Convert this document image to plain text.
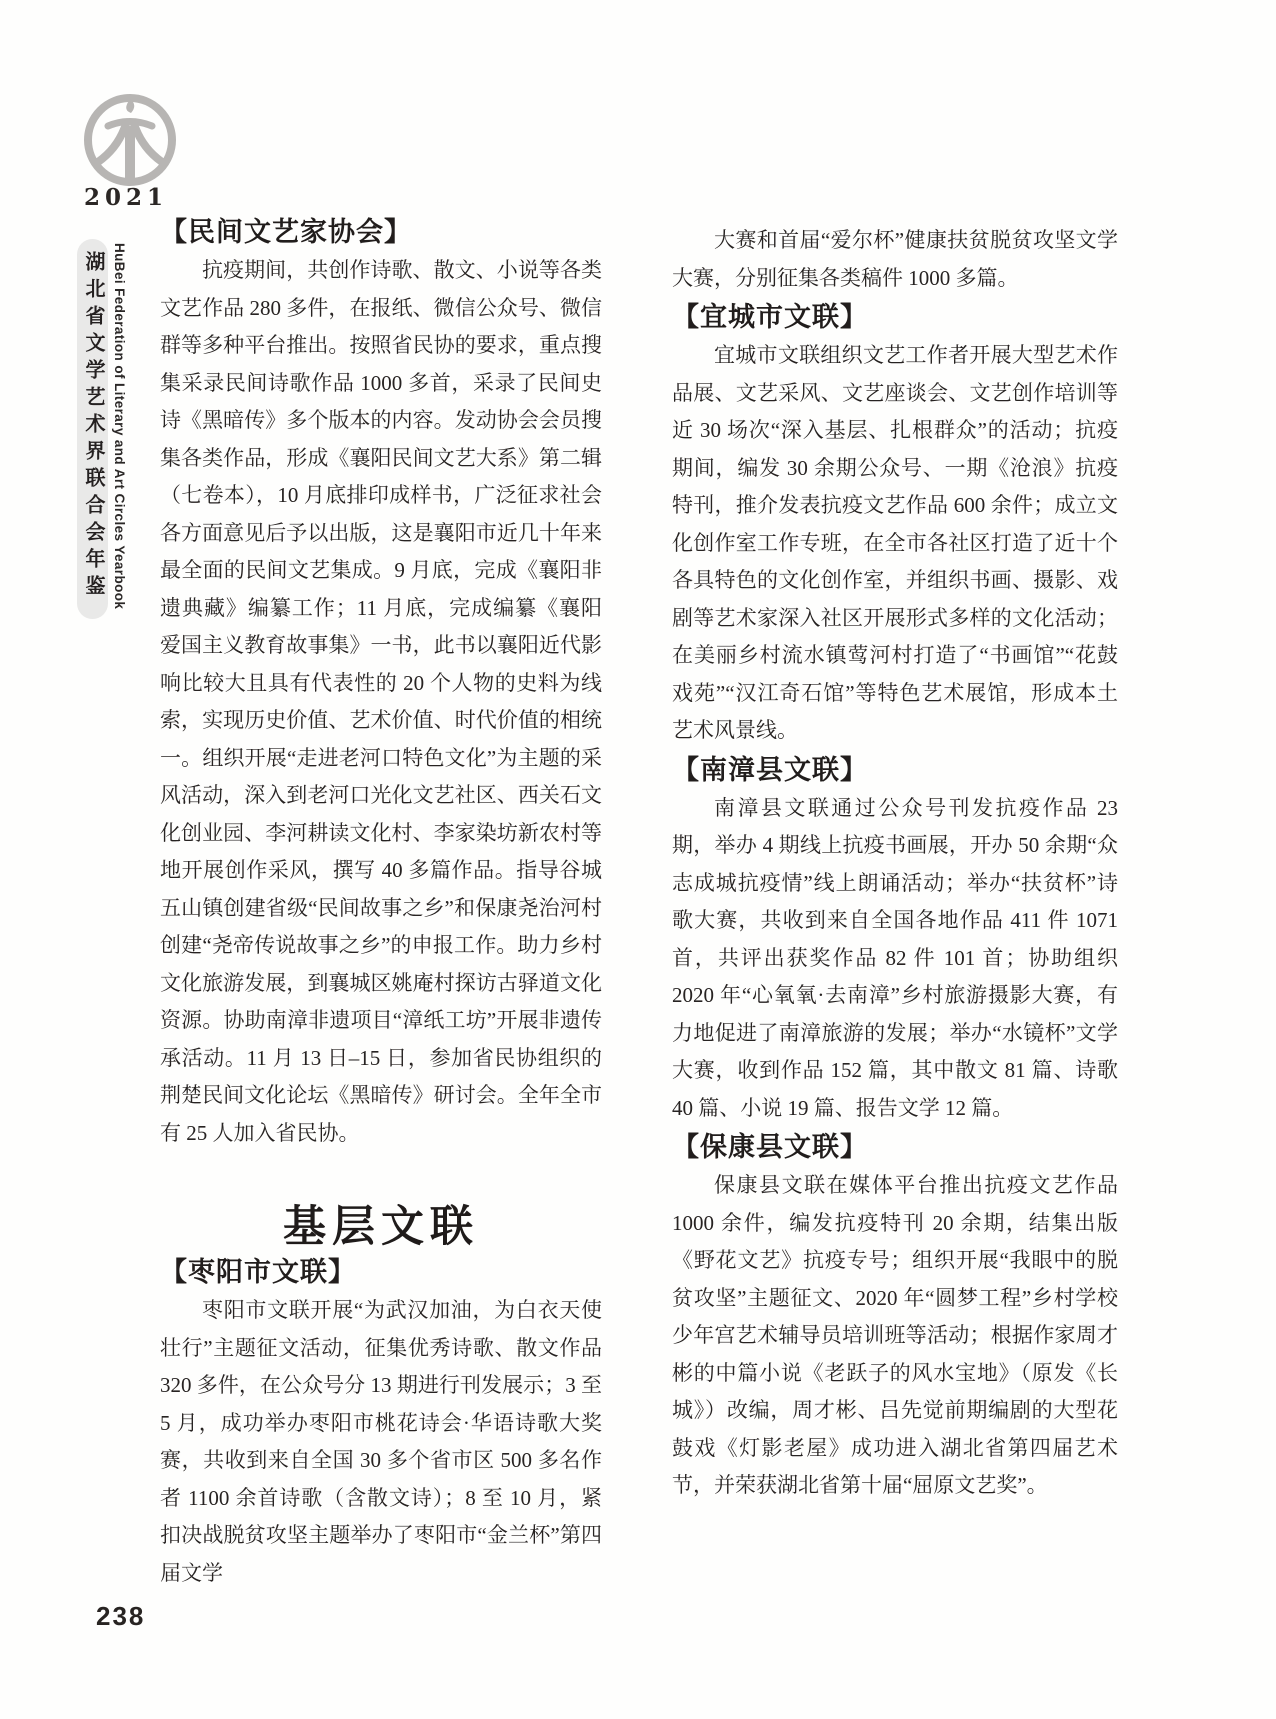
2021
湖北省文学艺术界联合会年鉴 HuBei Federation of Literary and Art Circles Yearbook
【民间文艺家协会】

抗疫期间，共创作诗歌、散文、小说等各类文艺作品 280 多件，在报纸、微信公众号、微信群等多种平台推出。按照省民协的要求，重点搜集采录民间诗歌作品 1000 多首，采录了民间史诗《黑暗传》多个版本的内容。发动协会会员搜集各类作品，形成《襄阳民间文艺大系》第二辑（七卷本），10 月底排印成样书，广泛征求社会各方面意见后予以出版，这是襄阳市近几十年来最全面的民间文艺集成。9 月底，完成《襄阳非遗典藏》编纂工作；11 月底，完成编纂《襄阳爱国主义教育故事集》一书，此书以襄阳近代影响比较大且具有代表性的 20 个人物的史料为线索，实现历史价值、艺术价值、时代价值的相统一。组织开展“走进老河口特色文化”为主题的采风活动，深入到老河口光化文艺社区、西关石文化创业园、李河耕读文化村、李家染坊新农村等地开展创作采风，撰写 40 多篇作品。指导谷城五山镇创建省级“民间故事之乡”和保康尧治河村创建“尧帝传说故事之乡”的申报工作。助力乡村文化旅游发展，到襄城区姚庵村探访古驿道文化资源。协助南漳非遗项目“漳纸工坊”开展非遗传承活动。11 月 13 日–15 日，参加省民协组织的荆楚民间文化论坛《黑暗传》研讨会。全年全市有 25 人加入省民协。

基层文联
【枣阳市文联】

枣阳市文联开展“为武汉加油，为白衣天使壮行”主题征文活动，征集优秀诗歌、散文作品 320 多件，在公众号分 13 期进行刊发展示；3 至 5 月，成功举办枣阳市桃花诗会·华语诗歌大奖赛，共收到来自全国 30 多个省市区 500 多名作者 1100 余首诗歌（含散文诗）；8 至 10 月，紧扣决战脱贫攻坚主题举办了枣阳市“金兰杯”第四届文学

大赛和首届“爱尔杯”健康扶贫脱贫攻坚文学大赛，分别征集各类稿件 1000 多篇。

【宜城市文联】

宜城市文联组织文艺工作者开展大型艺术作品展、文艺采风、文艺座谈会、文艺创作培训等近 30 场次“深入基层、扎根群众”的活动；抗疫期间，编发 30 余期公众号、一期《沧浪》抗疫特刊，推介发表抗疫文艺作品 600 余件；成立文化创作室工作专班，在全市各社区打造了近十个各具特色的文化创作室，并组织书画、摄影、戏剧等艺术家深入社区开展形式多样的文化活动；在美丽乡村流水镇莺河村打造了“书画馆”“花鼓戏苑”“汉江奇石馆”等特色艺术展馆，形成本土艺术风景线。

【南漳县文联】

南漳县文联通过公众号刊发抗疫作品 23 期，举办 4 期线上抗疫书画展，开办 50 余期“众志成城抗疫情”线上朗诵活动；举办“扶贫杯”诗歌大赛，共收到来自全国各地作品 411 件 1071 首，共评出获奖作品 82 件 101 首；协助组织 2020 年“心氧氧·去南漳”乡村旅游摄影大赛，有力地促进了南漳旅游的发展；举办“水镜杯”文学大赛，收到作品 152 篇，其中散文 81 篇、诗歌 40 篇、小说 19 篇、报告文学 12 篇。

【保康县文联】

保康县文联在媒体平台推出抗疫文艺作品 1000 余件，编发抗疫特刊 20 余期，结集出版《野花文艺》抗疫专号；组织开展“我眼中的脱贫攻坚”主题征文、2020 年“圆梦工程”乡村学校少年宫艺术辅导员培训班等活动；根据作家周才彬的中篇小说《老跃子的风水宝地》（原发《长城》）改编，周才彬、吕先觉前期编剧的大型花鼓戏《灯影老屋》成功进入湖北省第四届艺术节，并荣获湖北省第十届“屈原文艺奖”。

238
